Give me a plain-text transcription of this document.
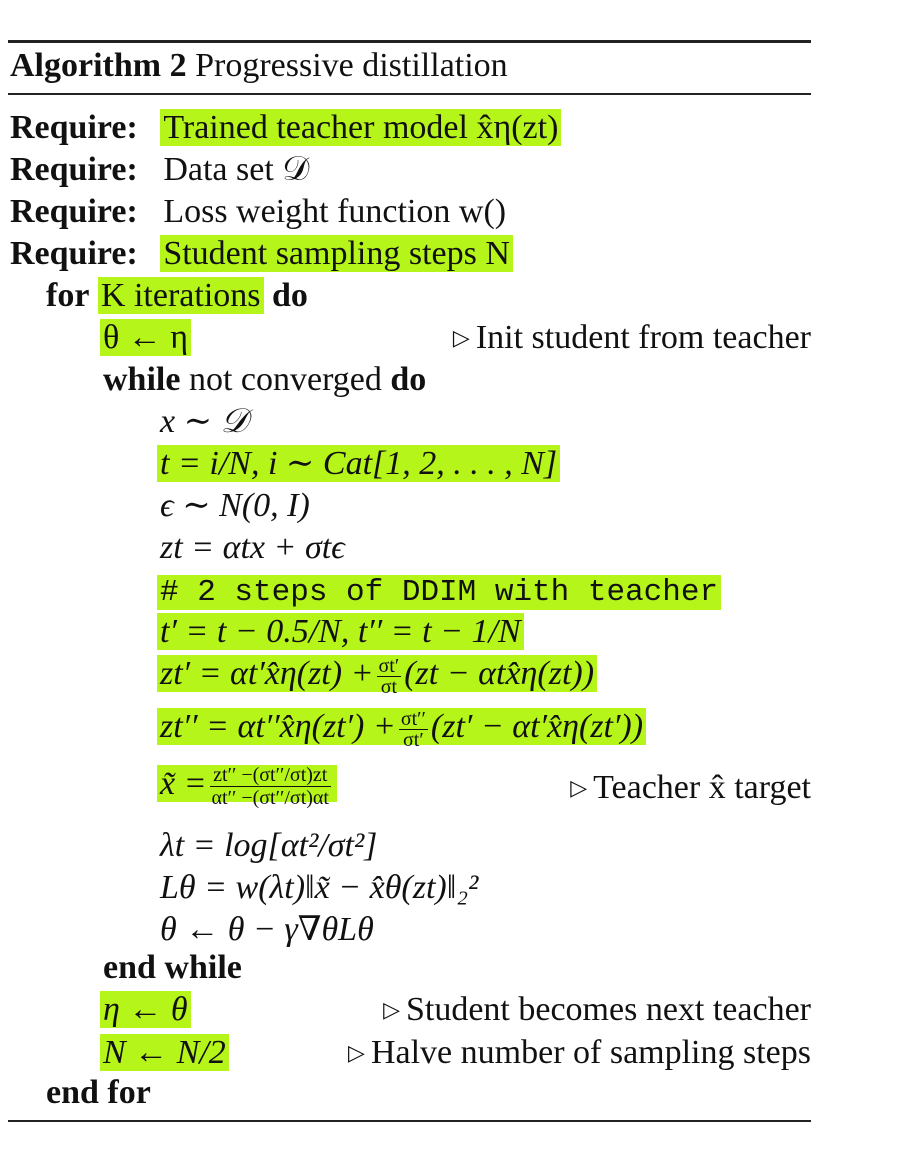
Algorithm 2 Progressive distillation
Require: Trained teacher model x̂η(zt)
Require: Data set 𝒟
Require: Loss weight function w()
Require: Student sampling steps N
for K iterations do
θ ← η	▷ Init student from teacher
while not converged do
x ∼ 𝒟
t = i/N, i ∼ Cat[1, 2, . . . , N]
ϵ ∼ N(0, I)
zt = αtx + σtϵ
# 2 steps of DDIM with teacher
t′ = t − 0.5/N, t′′ = t − 1/N
zt′ = αt′x̂η(zt) + $\frac{\sigma t'}{\sigma t} (zt$ − αtx̂η(zt))
zt′′ = αt′′x̂η(zt′) + $\frac{\sigma t''}{\sigma t'} (zt'$ − αt′x̂η(zt′))
x̃ = $\frac{zt'' -(\sigma t''/\sigma t)zt}{\alpha t'' -(\sigma t''/\sigma t)\alpha t}$	▷ Teacher x̂ target
λt = log[αt²/σt²]
Lθ = w(λt)‖x̃ − x̂θ(zt)‖₂²
θ ← θ − γ∇θLθ
end while
η ← θ	▷ Student becomes next teacher
N ← N/2	▷ Halve number of sampling steps
end for
